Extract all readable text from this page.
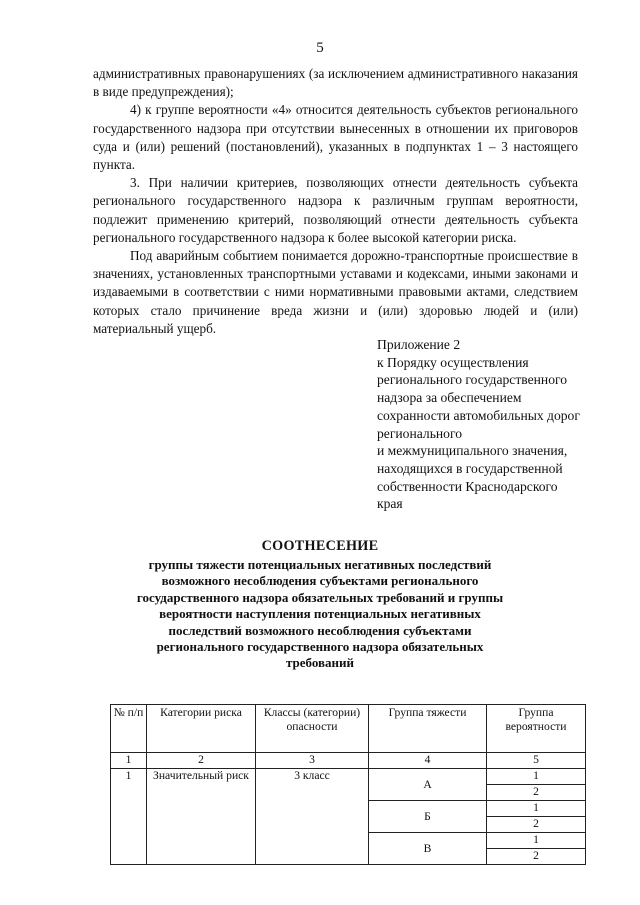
5

административных правонарушениях (за исключением административного наказания в виде предупреждения);

4) к группе вероятности «4» относится деятельность субъектов регионального государственного надзора при отсутствии вынесенных в отношении их приговоров суда и (или) решений (постановлений), указанных в подпунктах 1 – 3 настоящего пункта.

3. При наличии критериев, позволяющих отнести деятельность субъекта регионального государственного надзора к различным группам вероятности, подлежит применению критерий, позволяющий отнести деятельность субъекта регионального государственного надзора к более высокой категории риска.

Под аварийным событием понимается дорожно-транспортные происшествие в значениях, установленных транспортными уставами и кодексами, иными законами и издаваемыми в соответствии с ними нормативными правовыми актами, следствием которых стало причинение вреда жизни и (или) здоровью людей и (или) материальный ущерб.

Приложение 2
к Порядку осуществления
регионального государственного
надзора за обеспечением
сохранности автомобильных дорог
регионального
и межмуниципального значения,
находящихся в государственной
собственности Краснодарского
края
СООТНЕСЕНИЕ
группы тяжести потенциальных негативных последствий возможного несоблюдения субъектами регионального государственного надзора обязательных требований и группы вероятности наступления потенциальных негативных последствий возможного несоблюдения субъектами регионального государственного надзора обязательных требований
№ п/п	Категории риска	Классы (категории) опасности	Группа тяжести	Группа вероятности
1	2	3	4	5
1	Значительный риск	3 класс	А	1
				2
			Б	1
				2
			В	1
				2
